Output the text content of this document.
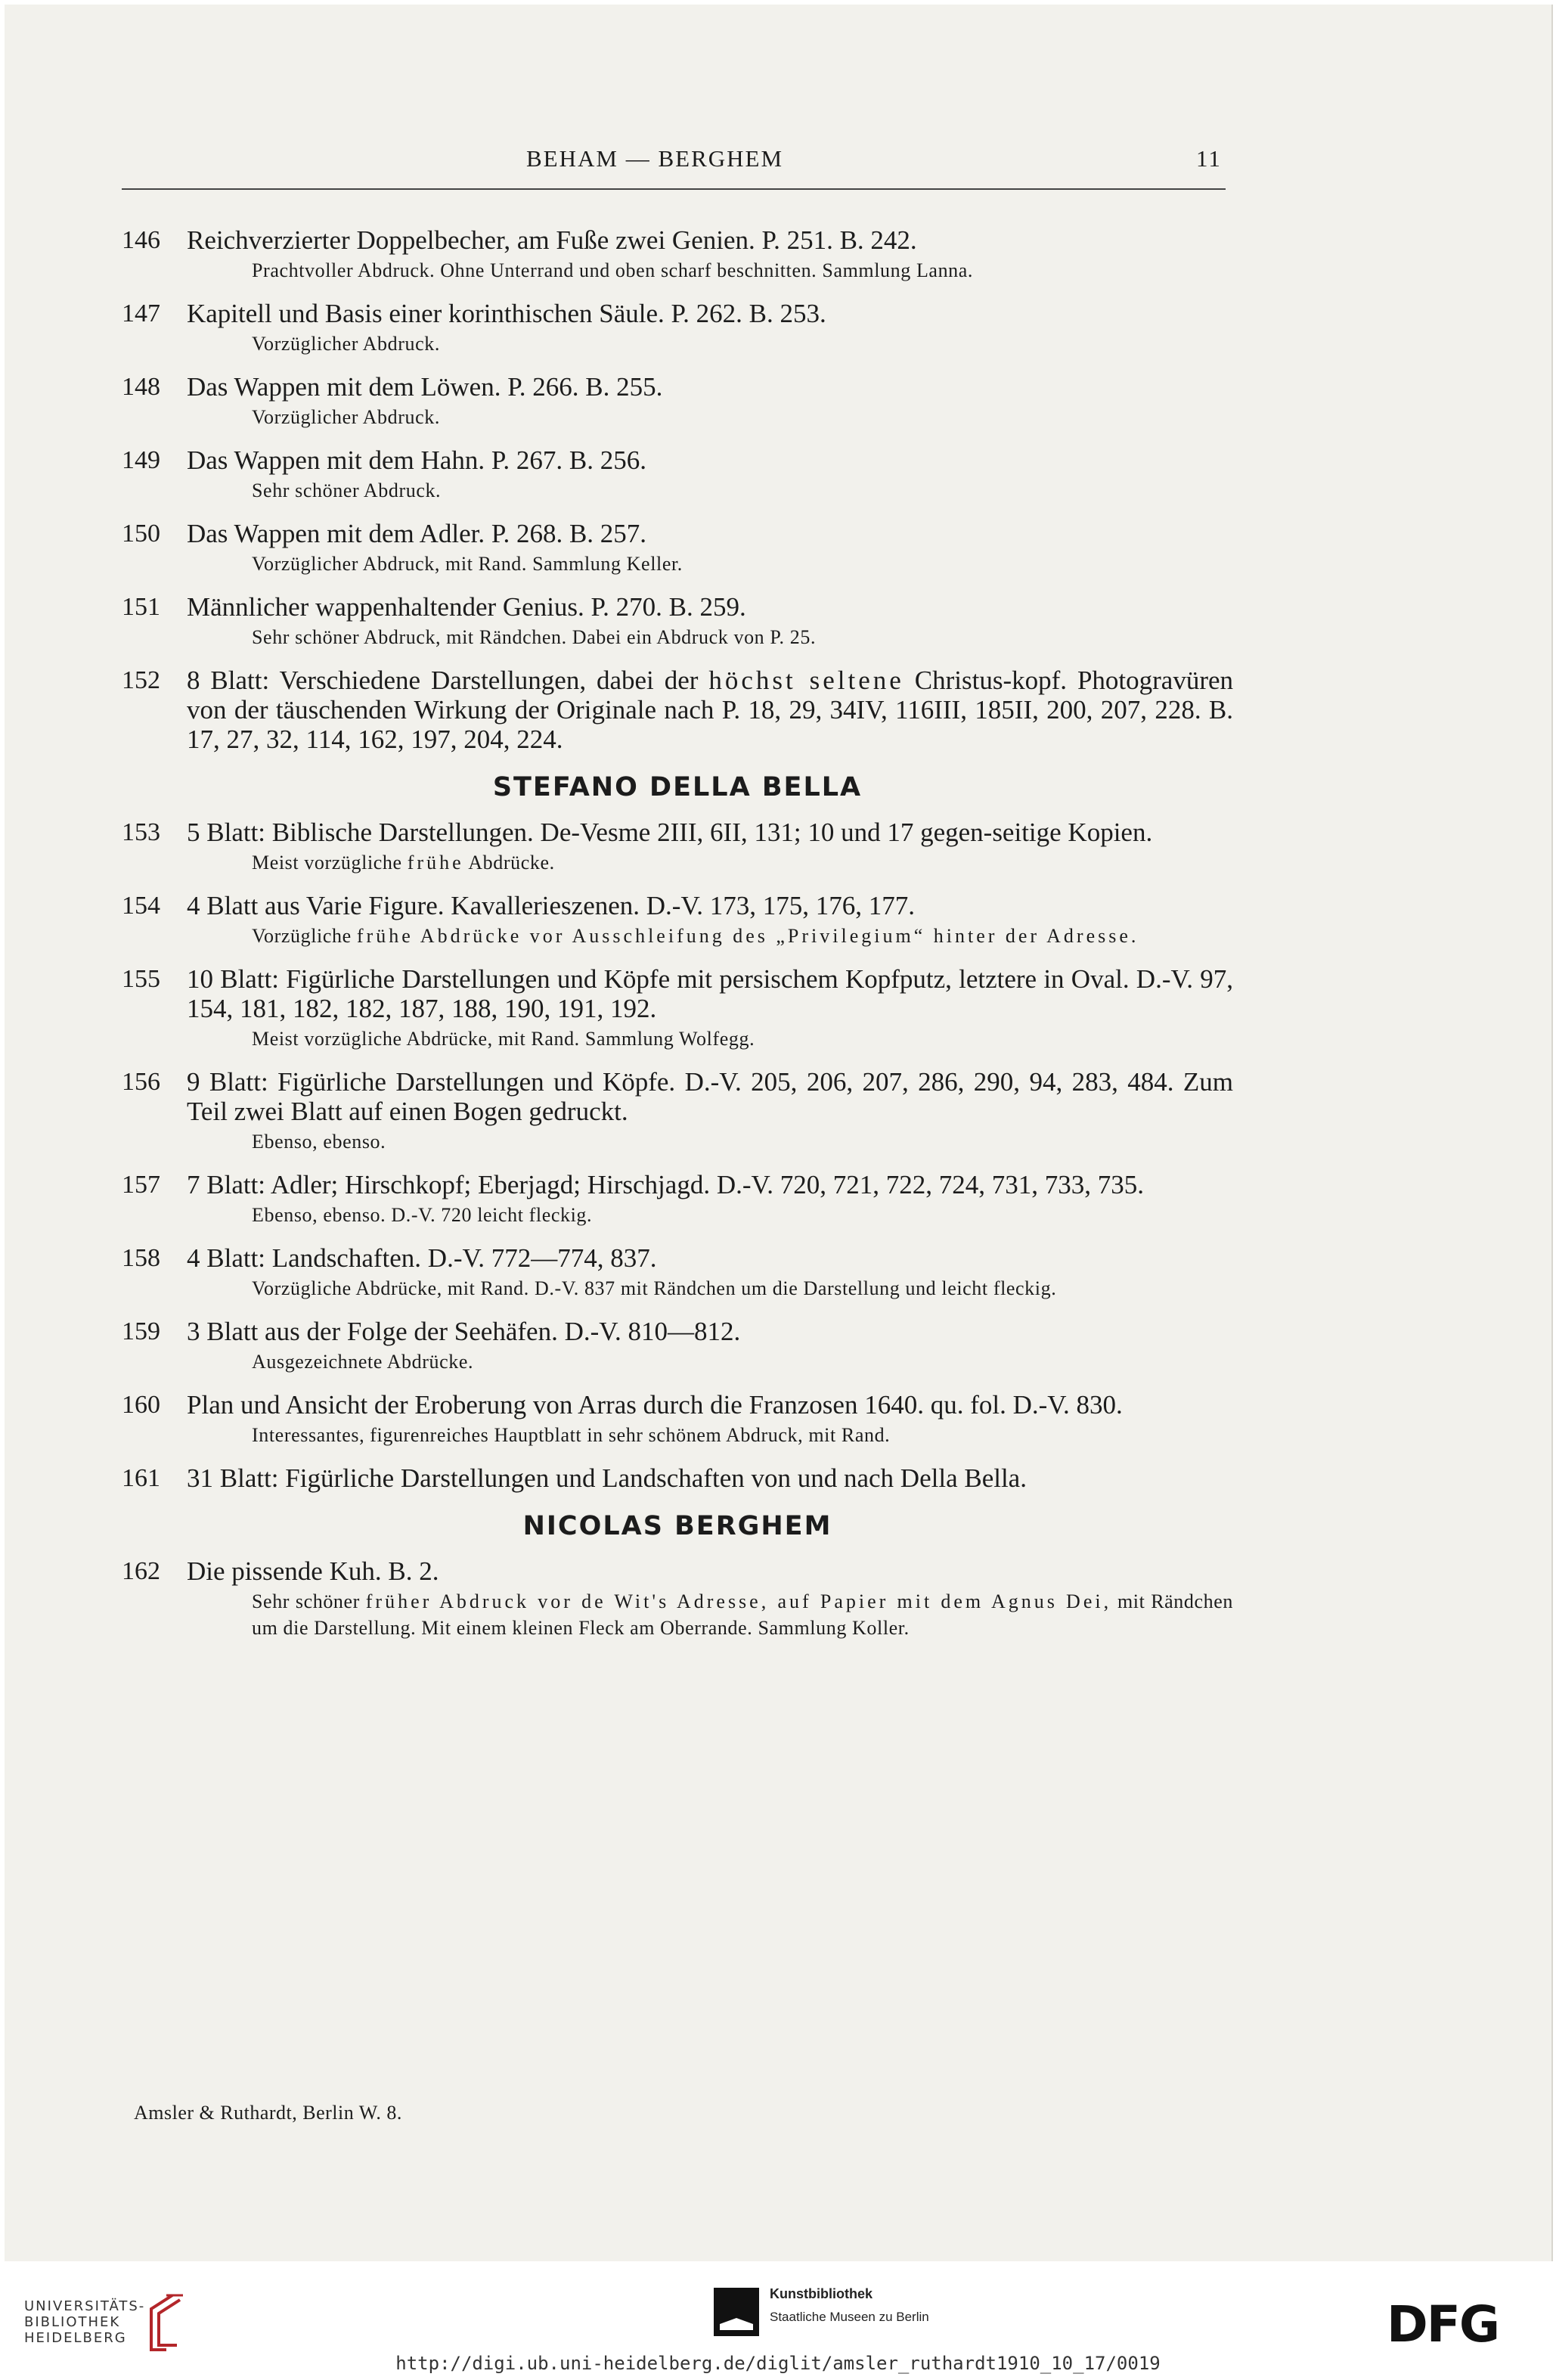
BEHAM — BERGHEM	11
146 Reichverzierter Doppelbecher, am Fuße zwei Genien. P. 251. B. 242.
Prachtvoller Abdruck. Ohne Unterrand und oben scharf beschnitten. Sammlung Lanna.
147 Kapitell und Basis einer korinthischen Säule. P. 262. B. 253.
Vorzüglicher Abdruck.
148 Das Wappen mit dem Löwen. P. 266. B. 255.
Vorzüglicher Abdruck.
149 Das Wappen mit dem Hahn. P. 267. B. 256.
Sehr schöner Abdruck.
150 Das Wappen mit dem Adler. P. 268. B. 257.
Vorzüglicher Abdruck, mit Rand. Sammlung Keller.
151 Männlicher wappenhaltender Genius. P. 270. B. 259.
Sehr schöner Abdruck, mit Rändchen. Dabei ein Abdruck von P. 25.
152 8 Blatt: Verschiedene Darstellungen, dabei der höchst seltene Christus-kopf. Photogravüren von der täuschenden Wirkung der Originale nach P. 18, 29, 34IV, 116III, 185II, 200, 207, 228. B. 17, 27, 32, 114, 162, 197, 204, 224.
STEFANO DELLA BELLA
153 5 Blatt: Biblische Darstellungen. De-Vesme 2III, 6II, 131; 10 und 17 gegen-seitige Kopien.
Meist vorzügliche frühe Abdrücke.
154 4 Blatt aus Varie Figure. Kavallerieszenen. D.-V. 173, 175, 176, 177.
Vorzügliche frühe Abdrücke vor Ausschleifung des „Privilegium“ hinter der Adresse.
155 10 Blatt: Figürliche Darstellungen und Köpfe mit persischem Kopfputz, letztere in Oval. D.-V. 97, 154, 181, 182, 182, 187, 188, 190, 191, 192.
Meist vorzügliche Abdrücke, mit Rand. Sammlung Wolfegg.
156 9 Blatt: Figürliche Darstellungen und Köpfe. D.-V. 205, 206, 207, 286, 290, 94, 283, 484. Zum Teil zwei Blatt auf einen Bogen gedruckt.
Ebenso, ebenso.
157 7 Blatt: Adler; Hirschkopf; Eberjagd; Hirschjagd. D.-V. 720, 721, 722, 724, 731, 733, 735.
Ebenso, ebenso. D.-V. 720 leicht fleckig.
158 4 Blatt: Landschaften. D.-V. 772—774, 837.
Vorzügliche Abdrücke, mit Rand. D.-V. 837 mit Rändchen um die Darstellung und leicht fleckig.
159 3 Blatt aus der Folge der Seehäfen. D.-V. 810—812.
Ausgezeichnete Abdrücke.
160 Plan und Ansicht der Eroberung von Arras durch die Franzosen 1640. qu. fol. D.-V. 830.
Interessantes, figurenreiches Hauptblatt in sehr schönem Abdruck, mit Rand.
161 31 Blatt: Figürliche Darstellungen und Landschaften von und nach Della Bella.
NICOLAS BERGHEM
162 Die pissende Kuh. B. 2.
Sehr schöner früher Abdruck vor de Wit's Adresse, auf Papier mit dem Agnus Dei, mit Rändchen um die Darstellung. Mit einem kleinen Fleck am Oberrande. Sammlung Koller.
Amsler & Ruthardt, Berlin W. 8.
UNIVERSITÄTS-
BIBLIOTHEK
HEIDELBERG
Kunstbibliothek
Staatliche Museen zu Berlin	DFG
http://digi.ub.uni-heidelberg.de/diglit/amsler_ruthardt1910_10_17/0019
